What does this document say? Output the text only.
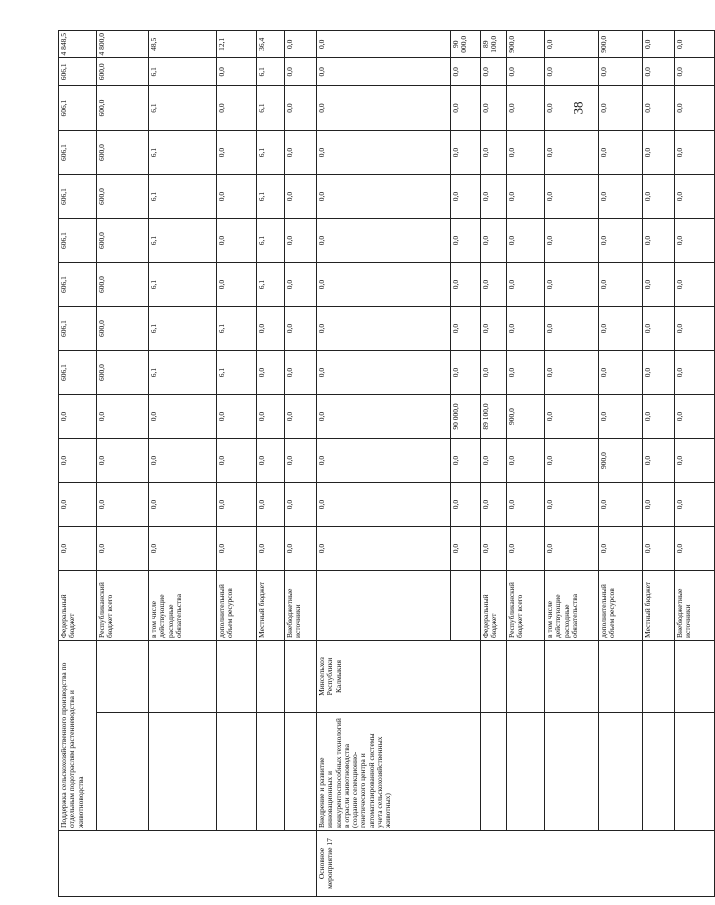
	Поддержка сельскохозяйственного производства по отдельным подотраслям растениеводства и животноводства		Федеральный бюджет	0,0	0,0	0,0	0,0	606,1	606,1	606,1	606,1	606,1	606,1	606,1	606,1	4 848,5
			Республиканский бюджет всего	0,0	0,0	0,0	0,0	600,0	600,0	600,0	600,0	600,0	600,0	600,0	600,0	4 800,0
			в том числе действующие расходные обязательства	0,0	0,0	0,0	0,0	6,1	6,1	6,1	6,1	6,1	6,1	6,1	6,1	48,5
			дополнительный объем ресурсов	0,0	0,0	0,0	0,0	6,1	6,1	0,0	0,0	0,0	0,0	0,0	0,0	12,1
			Местный бюджет	0,0	0,0	0,0	0,0	0,0	0,0	6,1	6,1	6,1	6,1	6,1	6,1	36,4
			Внебюджетные источники	0,0	0,0	0,0	0,0	0,0	0,0	0,0	0,0	0,0	0,0	0,0	0,0	0,0
Основное мероприятие 17	Внедрение и развитие инновационных и конкурентоспособных технологий в отрасли животноводства (создание селекционно-генетического центра и автоматизированной системы учета сельскохозяйственных животных)	Минсельхоз Республики Калмыкия		0,0	0,0	0,0	0,0	0,0	0,0	0,0	0,0	0,0	0,0	0,0	0,0	0,0
				0,0	0,0	0,0	90 000,0	0,0	0,0	0,0	0,0	0,0	0,0	0,0	0,0	90 000,0
			Федеральный бюджет	0,0	0,0	0,0	89 100,0	0,0	0,0	0,0	0,0	0,0	0,0	0,0	0,0	89 100,0
			Республиканский бюджет всего	0,0	0,0	0,0	900,0	0,0	0,0	0,0	0,0	0,0	0,0	0,0	0,0	900,0
			в том числе действующие расходные обязательства	0,0	0,0	0,0	0,0	0,0	0,0	0,0	0,0	0,0	0,0	0,0	0,0	0,0
			дополнительный объем ресурсов	0,0	0,0	900,0	0,0	0,0	0,0	0,0	0,0	0,0	0,0	0,0	0,0	900,0
			Местный бюджет	0,0	0,0	0,0	0,0	0,0	0,0	0,0	0,0	0,0	0,0	0,0	0,0	0,0
			Внебюджетные источники	0,0	0,0	0,0	0,0	0,0	0,0	0,0	0,0	0,0	0,0	0,0	0,0	0,0
38
